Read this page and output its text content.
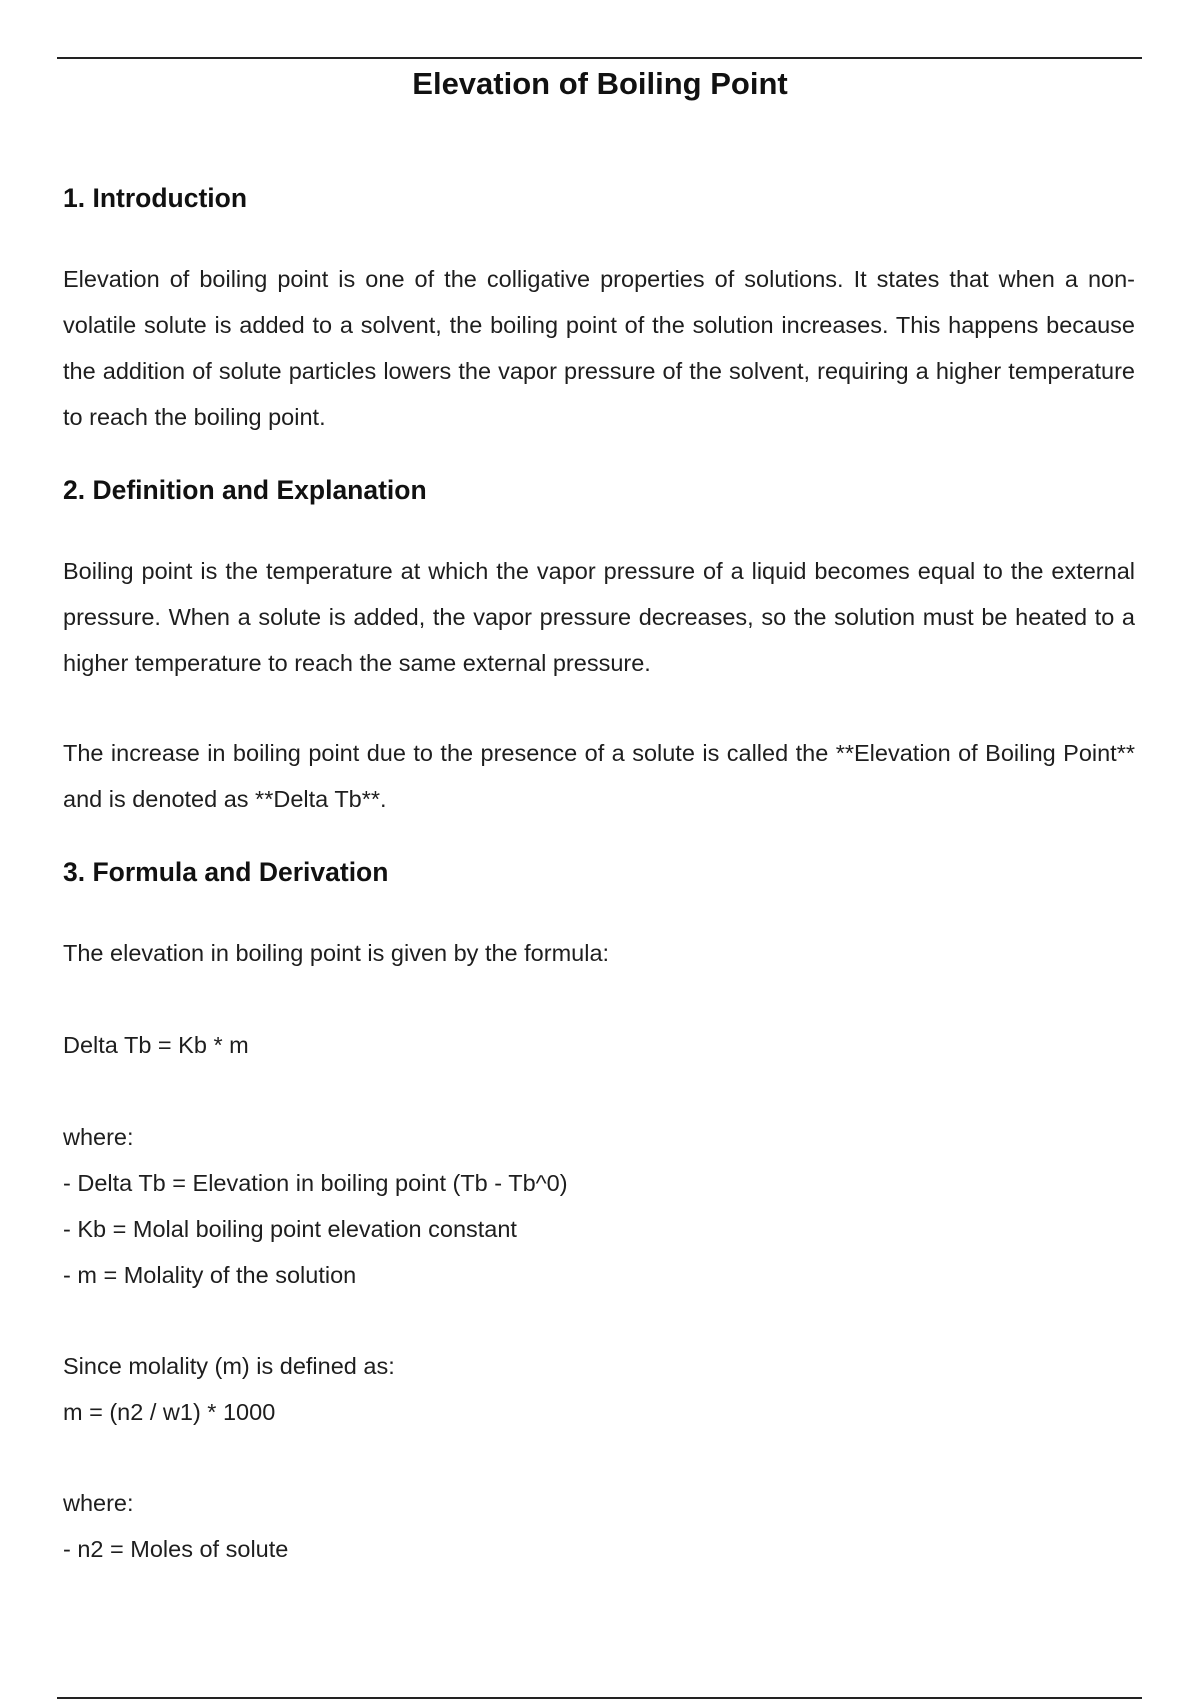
Elevation of Boiling Point
1. Introduction

Elevation of boiling point is one of the colligative properties of solutions. It states that when a non-volatile solute is added to a solvent, the boiling point of the solution increases. This happens because the addition of solute particles lowers the vapor pressure of the solvent, requiring a higher temperature to reach the boiling point.

2. Definition and Explanation

Boiling point is the temperature at which the vapor pressure of a liquid becomes equal to the external pressure. When a solute is added, the vapor pressure decreases, so the solution must be heated to a higher temperature to reach the same external pressure.

The increase in boiling point due to the presence of a solute is called the **Elevation of Boiling Point** and is denoted as **Delta Tb**.

3. Formula and Derivation

The elevation in boiling point is given by the formula:

Delta Tb = Kb * m

where:

- Delta Tb = Elevation in boiling point (Tb - Tb^0)

- Kb = Molal boiling point elevation constant

- m = Molality of the solution

Since molality (m) is defined as:

m = (n2 / w1) * 1000

where:

- n2 = Moles of solute
